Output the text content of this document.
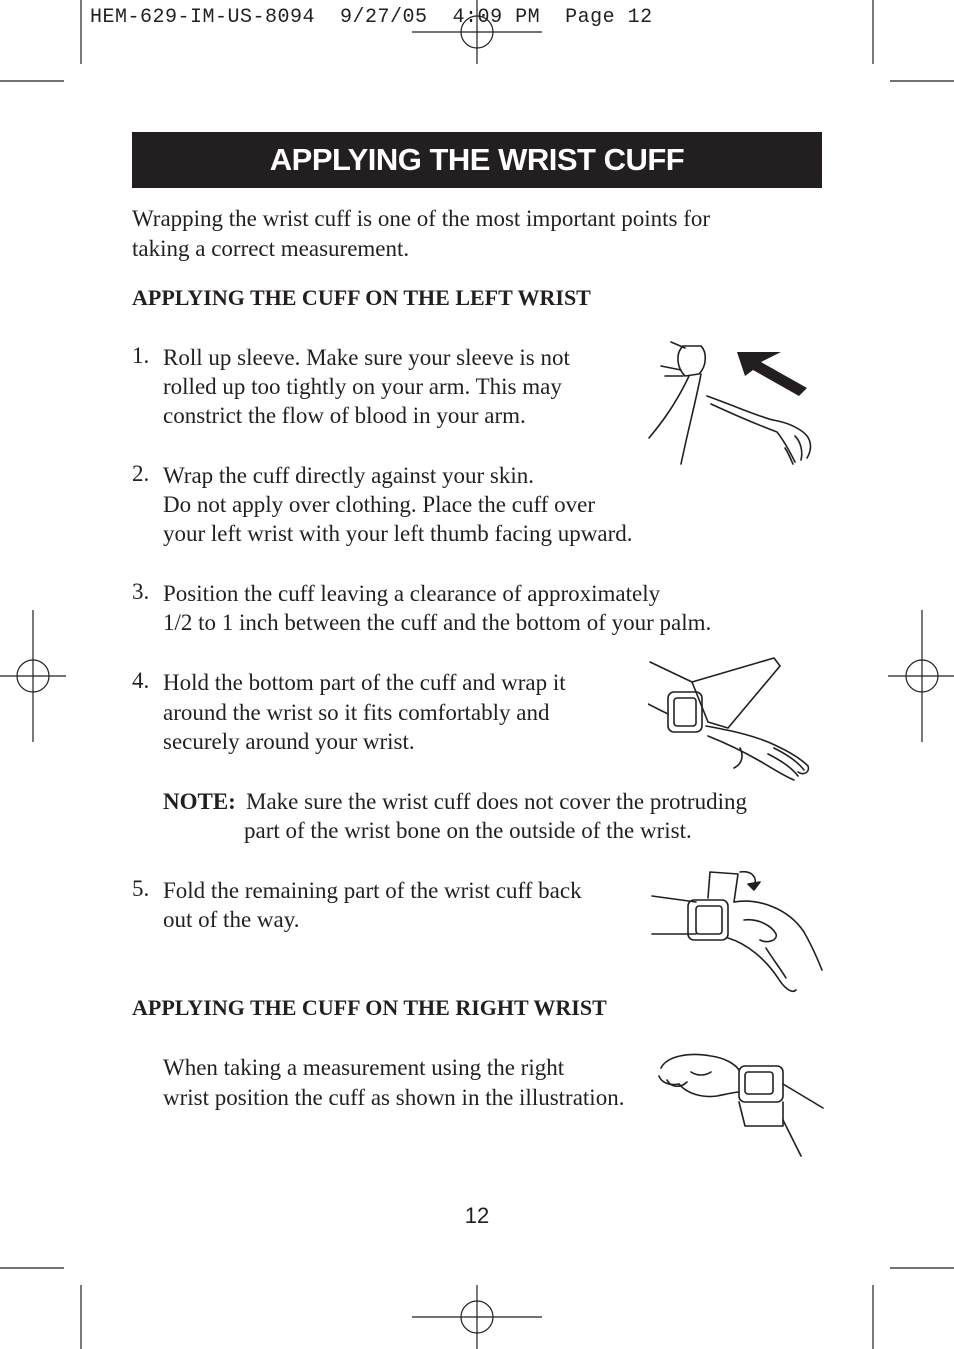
HEM-629-IM-US-8094  9/27/05  4:09 PM  Page 12
APPLYING THE WRIST CUFF
Wrapping the wrist cuff is one of the most important points for
taking a correct measurement.
APPLYING THE CUFF ON THE LEFT WRIST
1. Roll up sleeve. Make sure your sleeve is not
rolled up too tightly on your arm. This may
constrict the flow of blood in your arm.
2. Wrap the cuff directly against your skin.
Do not apply over clothing. Place the cuff over
your left wrist with your left thumb facing upward.
3. Position the cuff leaving a clearance of approximately
1/2 to 1 inch between the cuff and the bottom of your palm.
4. Hold the bottom part of the cuff and wrap it
around the wrist so it fits comfortably and
securely around your wrist.
NOTE: Make sure the wrist cuff does not cover the protruding
part of the wrist bone on the outside of the wrist.
5. Fold the remaining part of the wrist cuff back
out of the way.
APPLYING THE CUFF ON THE RIGHT WRIST
When taking a measurement using the right
wrist position the cuff as shown in the illustration.
12
